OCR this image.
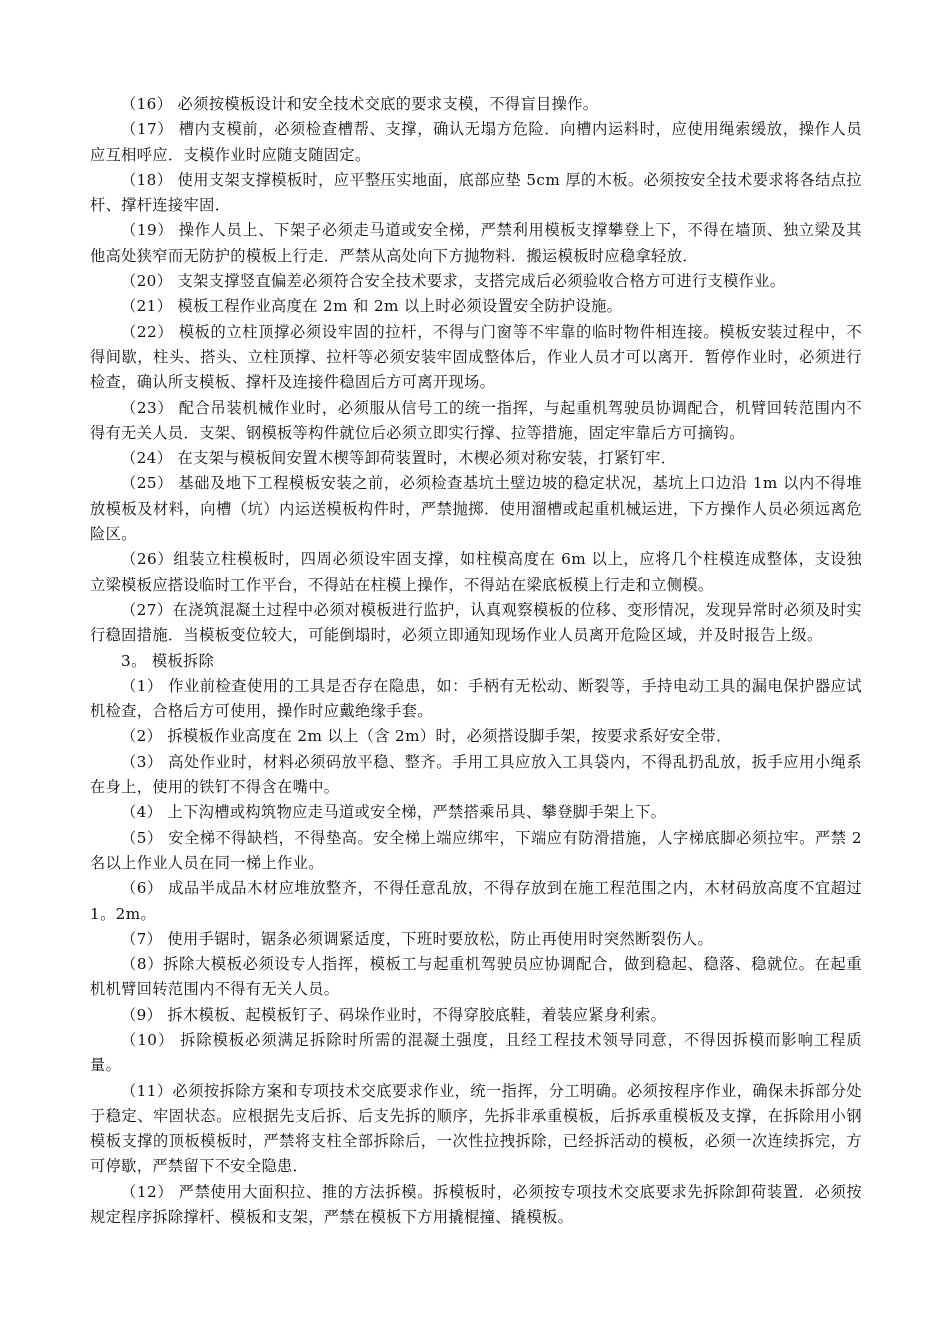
（16） 必须按模板设计和安全技术交底的要求支模，不得盲目操作。

（17） 槽内支模前，必须检查槽帮、支撑，确认无塌方危险．向槽内运料时，应使用绳索缓放，操作人员应互相呼应．支模作业时应随支随固定。

（18） 使用支架支撑模板时，应平整压实地面，底部应垫 5cm 厚的木板。必须按安全技术要求将各结点拉杆、撑杆连接牢固．

（19） 操作人员上、下架子必须走马道或安全梯，严禁利用模板支撑攀登上下，不得在墙顶、独立梁及其他高处狭窄而无防护的模板上行走．严禁从高处向下方抛物料．搬运模板时应稳拿轻放．

（20） 支架支撑竖直偏差必须符合安全技术要求，支搭完成后必须验收合格方可进行支模作业。

（21） 模板工程作业高度在 2m 和 2m 以上时必须设置安全防护设施。

（22） 模板的立柱顶撑必须设牢固的拉杆，不得与门窗等不牢靠的临时物件相连接。模板安装过程中，不得间歇，柱头、搭头、立柱顶撑、拉杆等必须安装牢固成整体后，作业人员才可以离开．暂停作业时，必须进行检查，确认所支模板、撑杆及连接件稳固后方可离开现场。

（23） 配合吊装机械作业时，必须服从信号工的统一指挥，与起重机驾驶员协调配合，机臂回转范围内不得有无关人员．支架、钢模板等构件就位后必须立即实行撑、拉等措施，固定牢靠后方可摘钩。

（24） 在支架与模板间安置木楔等卸荷装置时，木楔必须对称安装，打紧钉牢．

（25） 基础及地下工程模板安装之前，必须检查基坑土壁边坡的稳定状况，基坑上口边沿 1m 以内不得堆放模板及材料，向槽（坑）内运送模板构件时，严禁抛掷．使用溜槽或起重机械运进，下方操作人员必须远离危险区。

（26）组装立柱模板时，四周必须设牢固支撑，如柱模高度在 6m 以上，应将几个柱模连成整体，支设独立梁模板应搭设临时工作平台，不得站在柱模上操作，不得站在梁底板模上行走和立侧模。

（27）在浇筑混凝土过程中必须对模板进行监护，认真观察模板的位移、变形情况，发现异常时必须及时实行稳固措施．当模板变位较大，可能倒塌时，必须立即通知现场作业人员离开危险区域，并及时报告上级。

3。 模板拆除

（1） 作业前检查使用的工具是否存在隐患，如：手柄有无松动、断裂等，手持电动工具的漏电保护器应试机检查，合格后方可使用，操作时应戴绝缘手套。

（2） 拆模板作业高度在 2m 以上（含 2m）时，必须搭设脚手架，按要求系好安全带．

（3） 高处作业时，材料必须码放平稳、整齐。手用工具应放入工具袋内，不得乱扔乱放，扳手应用小绳系在身上，使用的铁钉不得含在嘴中。

（4） 上下沟槽或构筑物应走马道或安全梯，严禁搭乘吊具、攀登脚手架上下。

（5） 安全梯不得缺档，不得垫高。安全梯上端应绑牢，下端应有防滑措施，人字梯底脚必须拉牢。严禁 2 名以上作业人员在同一梯上作业。

（6） 成品半成品木材应堆放整齐，不得任意乱放，不得存放到在施工程范围之内，木材码放高度不宜超过 1。2m。

（7） 使用手锯时，锯条必须调紧适度，下班时要放松，防止再使用时突然断裂伤人。

（8）拆除大模板必须设专人指挥，模板工与起重机驾驶员应协调配合，做到稳起、稳落、稳就位。在起重机机臂回转范围内不得有无关人员。

（9） 拆木模板、起模板钉子、码垛作业时，不得穿胶底鞋，着装应紧身利索。

（10） 拆除模板必须满足拆除时所需的混凝土强度，且经工程技术领导同意，不得因拆模而影响工程质量。

（11）必须按拆除方案和专项技术交底要求作业，统一指挥，分工明确。必须按程序作业，确保未拆部分处于稳定、牢固状态。应根据先支后拆、后支先拆的顺序，先拆非承重模板，后拆承重模板及支撑，在拆除用小钢模板支撑的顶板模板时，严禁将支柱全部拆除后，一次性拉拽拆除，已经拆活动的模板，必须一次连续拆完，方可停歇，严禁留下不安全隐患．

（12） 严禁使用大面积拉、推的方法拆模。拆模板时，必须按专项技术交底要求先拆除卸荷装置．必须按规定程序拆除撑杆、模板和支架，严禁在模板下方用撬棍撞、撬模板。
